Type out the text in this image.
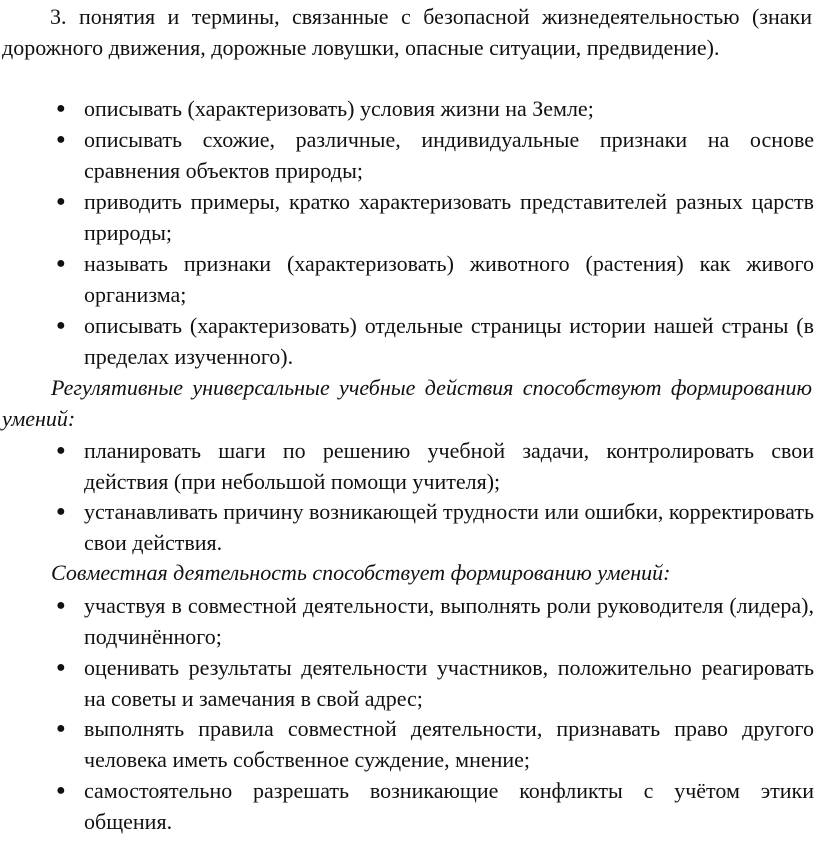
3. понятия и термины, связанные с безопасной жизнедеятельностью (знаки дорожного движения, дорожные ловушки, опасные ситуации, предвидение).

● описывать (характеризовать) условия жизни на Земле;
● описывать схожие, различные, индивидуальные признаки на основе сравнения объектов природы;
● приводить примеры, кратко характеризовать представителей разных царств природы;
● называть признаки (характеризовать) животного (растения) как живого организма;
● описывать (характеризовать) отдельные страницы истории нашей страны (в пределах изученного).

Регулятивные универсальные учебные действия способствуют формированию умений:

● планировать шаги по решению учебной задачи, контролировать свои действия (при небольшой помощи учителя);
● устанавливать причину возникающей трудности или ошибки, корректировать свои действия.

Совместная деятельность способствует формированию умений:

● участвуя в совместной деятельности, выполнять роли руководителя (лидера), подчинённого;
● оценивать результаты деятельности участников, положительно реагировать на советы и замечания в свой адрес;
● выполнять правила совместной деятельности, признавать право другого человека иметь собственное суждение, мнение;
● самостоятельно разрешать возникающие конфликты с учётом этики общения.
